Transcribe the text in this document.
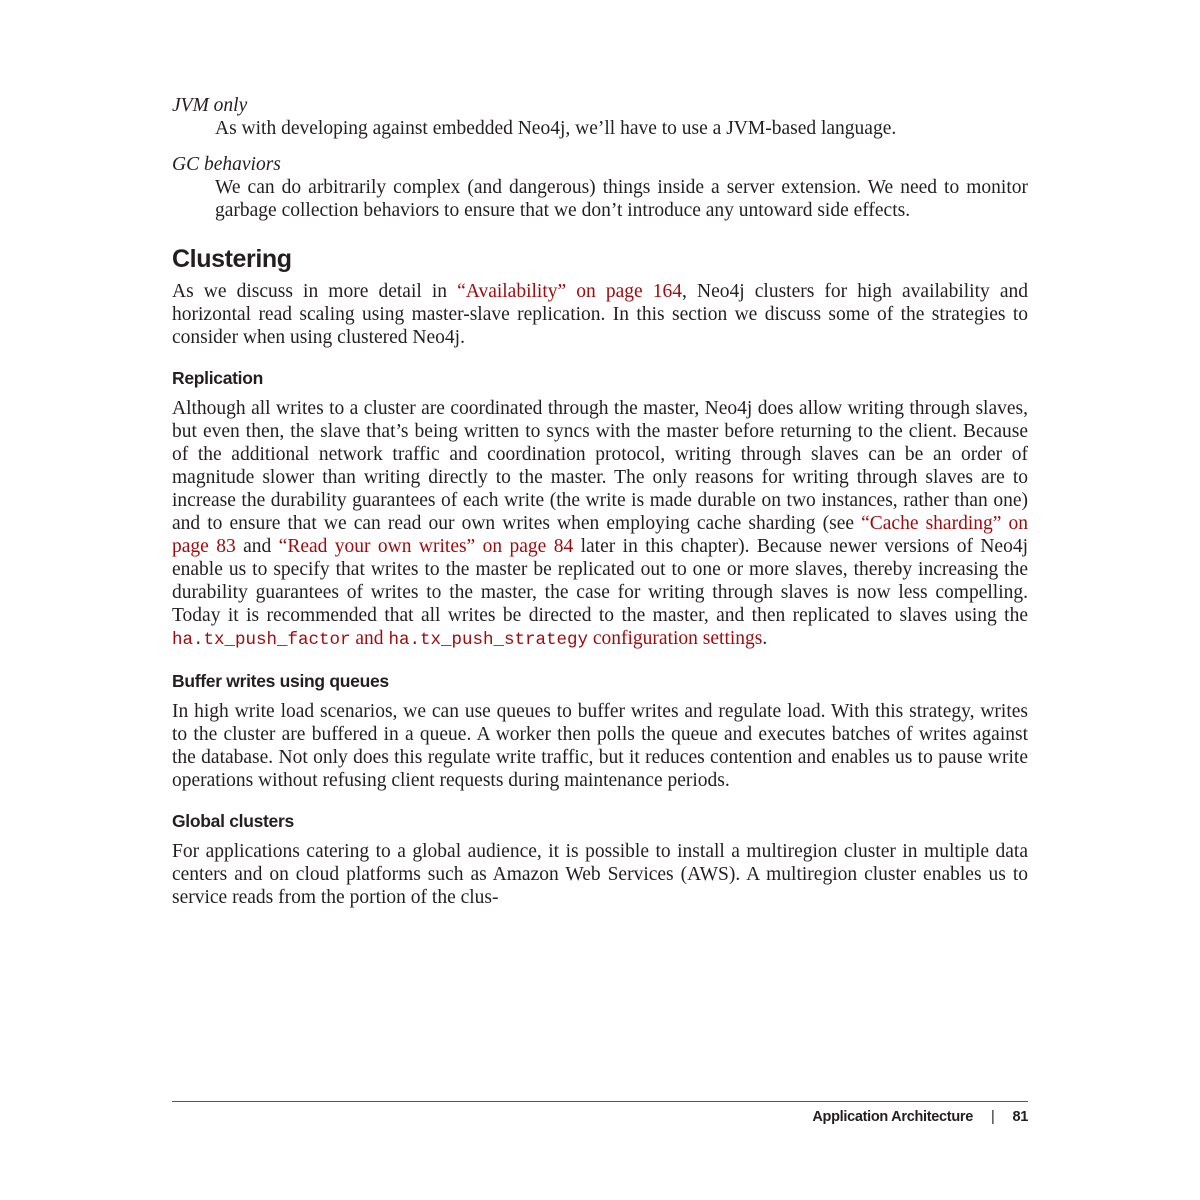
JVM only

As with developing against embedded Neo4j, we’ll have to use a JVM-based language.

GC behaviors

We can do arbitrarily complex (and dangerous) things inside a server extension. We need to monitor garbage collection behaviors to ensure that we don’t introduce any untoward side effects.

Clustering

As we discuss in more detail in “Availability” on page 164, Neo4j clusters for high availability and horizontal read scaling using master-slave replication. In this section we discuss some of the strategies to consider when using clustered Neo4j.

Replication

Although all writes to a cluster are coordinated through the master, Neo4j does allow writing through slaves, but even then, the slave that’s being written to syncs with the master before returning to the client. Because of the additional network traffic and coordination protocol, writing through slaves can be an order of magnitude slower than writing directly to the master. The only reasons for writing through slaves are to increase the durability guarantees of each write (the write is made durable on two instances, rather than one) and to ensure that we can read our own writes when employing cache sharding (see “Cache sharding” on page 83 and “Read your own writes” on page 84 later in this chapter). Because newer versions of Neo4j enable us to specify that writes to the master be replicated out to one or more slaves, thereby increasing the durability guarantees of writes to the master, the case for writing through slaves is now less compelling. Today it is recommended that all writes be directed to the master, and then replicated to slaves using the ha.tx_push_factor and ha.tx_push_strategy configuration settings.

Buffer writes using queues

In high write load scenarios, we can use queues to buffer writes and regulate load. With this strategy, writes to the cluster are buffered in a queue. A worker then polls the queue and executes batches of writes against the database. Not only does this regulate write traffic, but it reduces contention and enables us to pause write operations without refusing client requests during maintenance periods.

Global clusters

For applications catering to a global audience, it is possible to install a multiregion cluster in multiple data centers and on cloud platforms such as Amazon Web Services (AWS). A multiregion cluster enables us to service reads from the portion of the clus-

Application Architecture | 81
